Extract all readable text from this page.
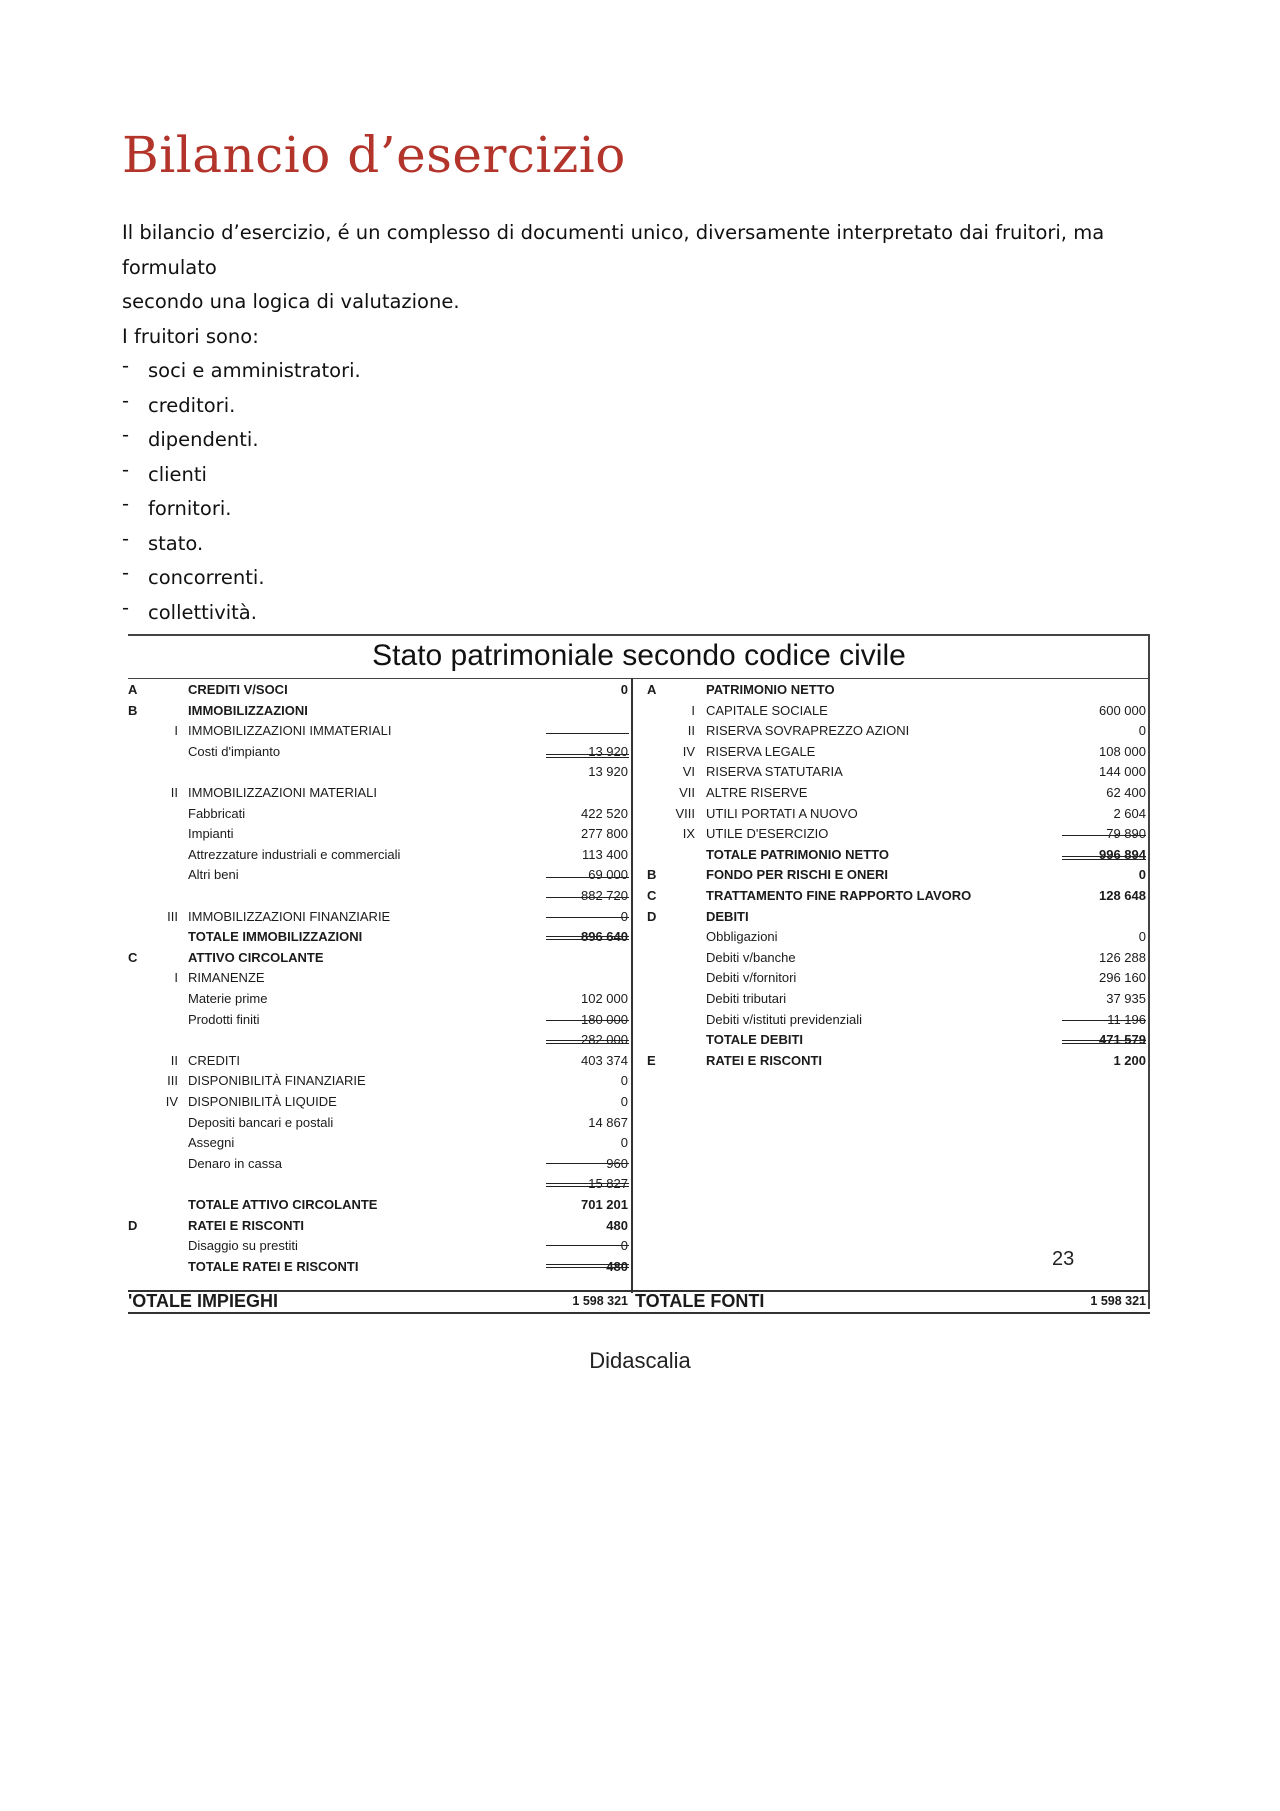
Bilancio d’esercizio

Il bilancio d’esercizio, é un complesso di documenti unico, diversamente interpretato dai fruitori, ma formulato
secondo una logica di valutazione.

I fruitori sono:

- soci e amministratori.
- creditori.
- dipendenti.
- clienti
- fornitori.
- stato.
- concorrenti.
- collettività.
Stato patrimoniale secondo codice civile
A	CREDITI V/SOCI	0
B	IMMOBILIZZAZIONI
I IMMOBILIZZAZIONI IMMATERIALI
Costi d'impianto	13 920
13 920
II IMMOBILIZZAZIONI MATERIALI
Fabbricati	422 520
Impianti	277 800
Attrezzature industriali e commerciali	113 400
Altri beni	69 000
882 720
III IMMOBILIZZAZIONI FINANZIARIE	0
TOTALE IMMOBILIZZAZIONI	896 640
C	ATTIVO CIRCOLANTE
I RIMANENZE
Materie prime	102 000
Prodotti finiti	180 000
282 000
II CREDITI	403 374
III DISPONIBILITÀ FINANZIARIE	0
IV DISPONIBILITÀ LIQUIDE	0
Depositi bancari e postali	14 867
Assegni	0
Denaro in cassa	960
15 827
TOTALE ATTIVO CIRCOLANTE	701 201
D	RATEI E RISCONTI	480
Disaggio su prestiti	0
TOTALE RATEI E RISCONTI	480
A	PATRIMONIO NETTO
I CAPITALE SOCIALE	600 000
II RISERVA SOVRAPREZZO AZIONI	0
IV RISERVA LEGALE	108 000
VI RISERVA STATUTARIA	144 000
VII ALTRE RISERVE	62 400
VIII UTILI PORTATI A NUOVO	2 604
IX UTILE D'ESERCIZIO	79 890
TOTALE PATRIMONIO NETTO	996 894
B	FONDO PER RISCHI E ONERI	0
C	TRATTAMENTO FINE RAPPORTO LAVORO	128 648
D	DEBITI
Obbligazioni	0
Debiti v/banche	126 288
Debiti v/fornitori	296 160
Debiti tributari	37 935
Debiti v/istituti previdenziali	11 196
TOTALE DEBITI	471 579
E	RATEI E RISCONTI	1 200
23
'OTALE IMPIEGHI	1 598 321 TOTALE FONTI	1 598 321
Didascalia
